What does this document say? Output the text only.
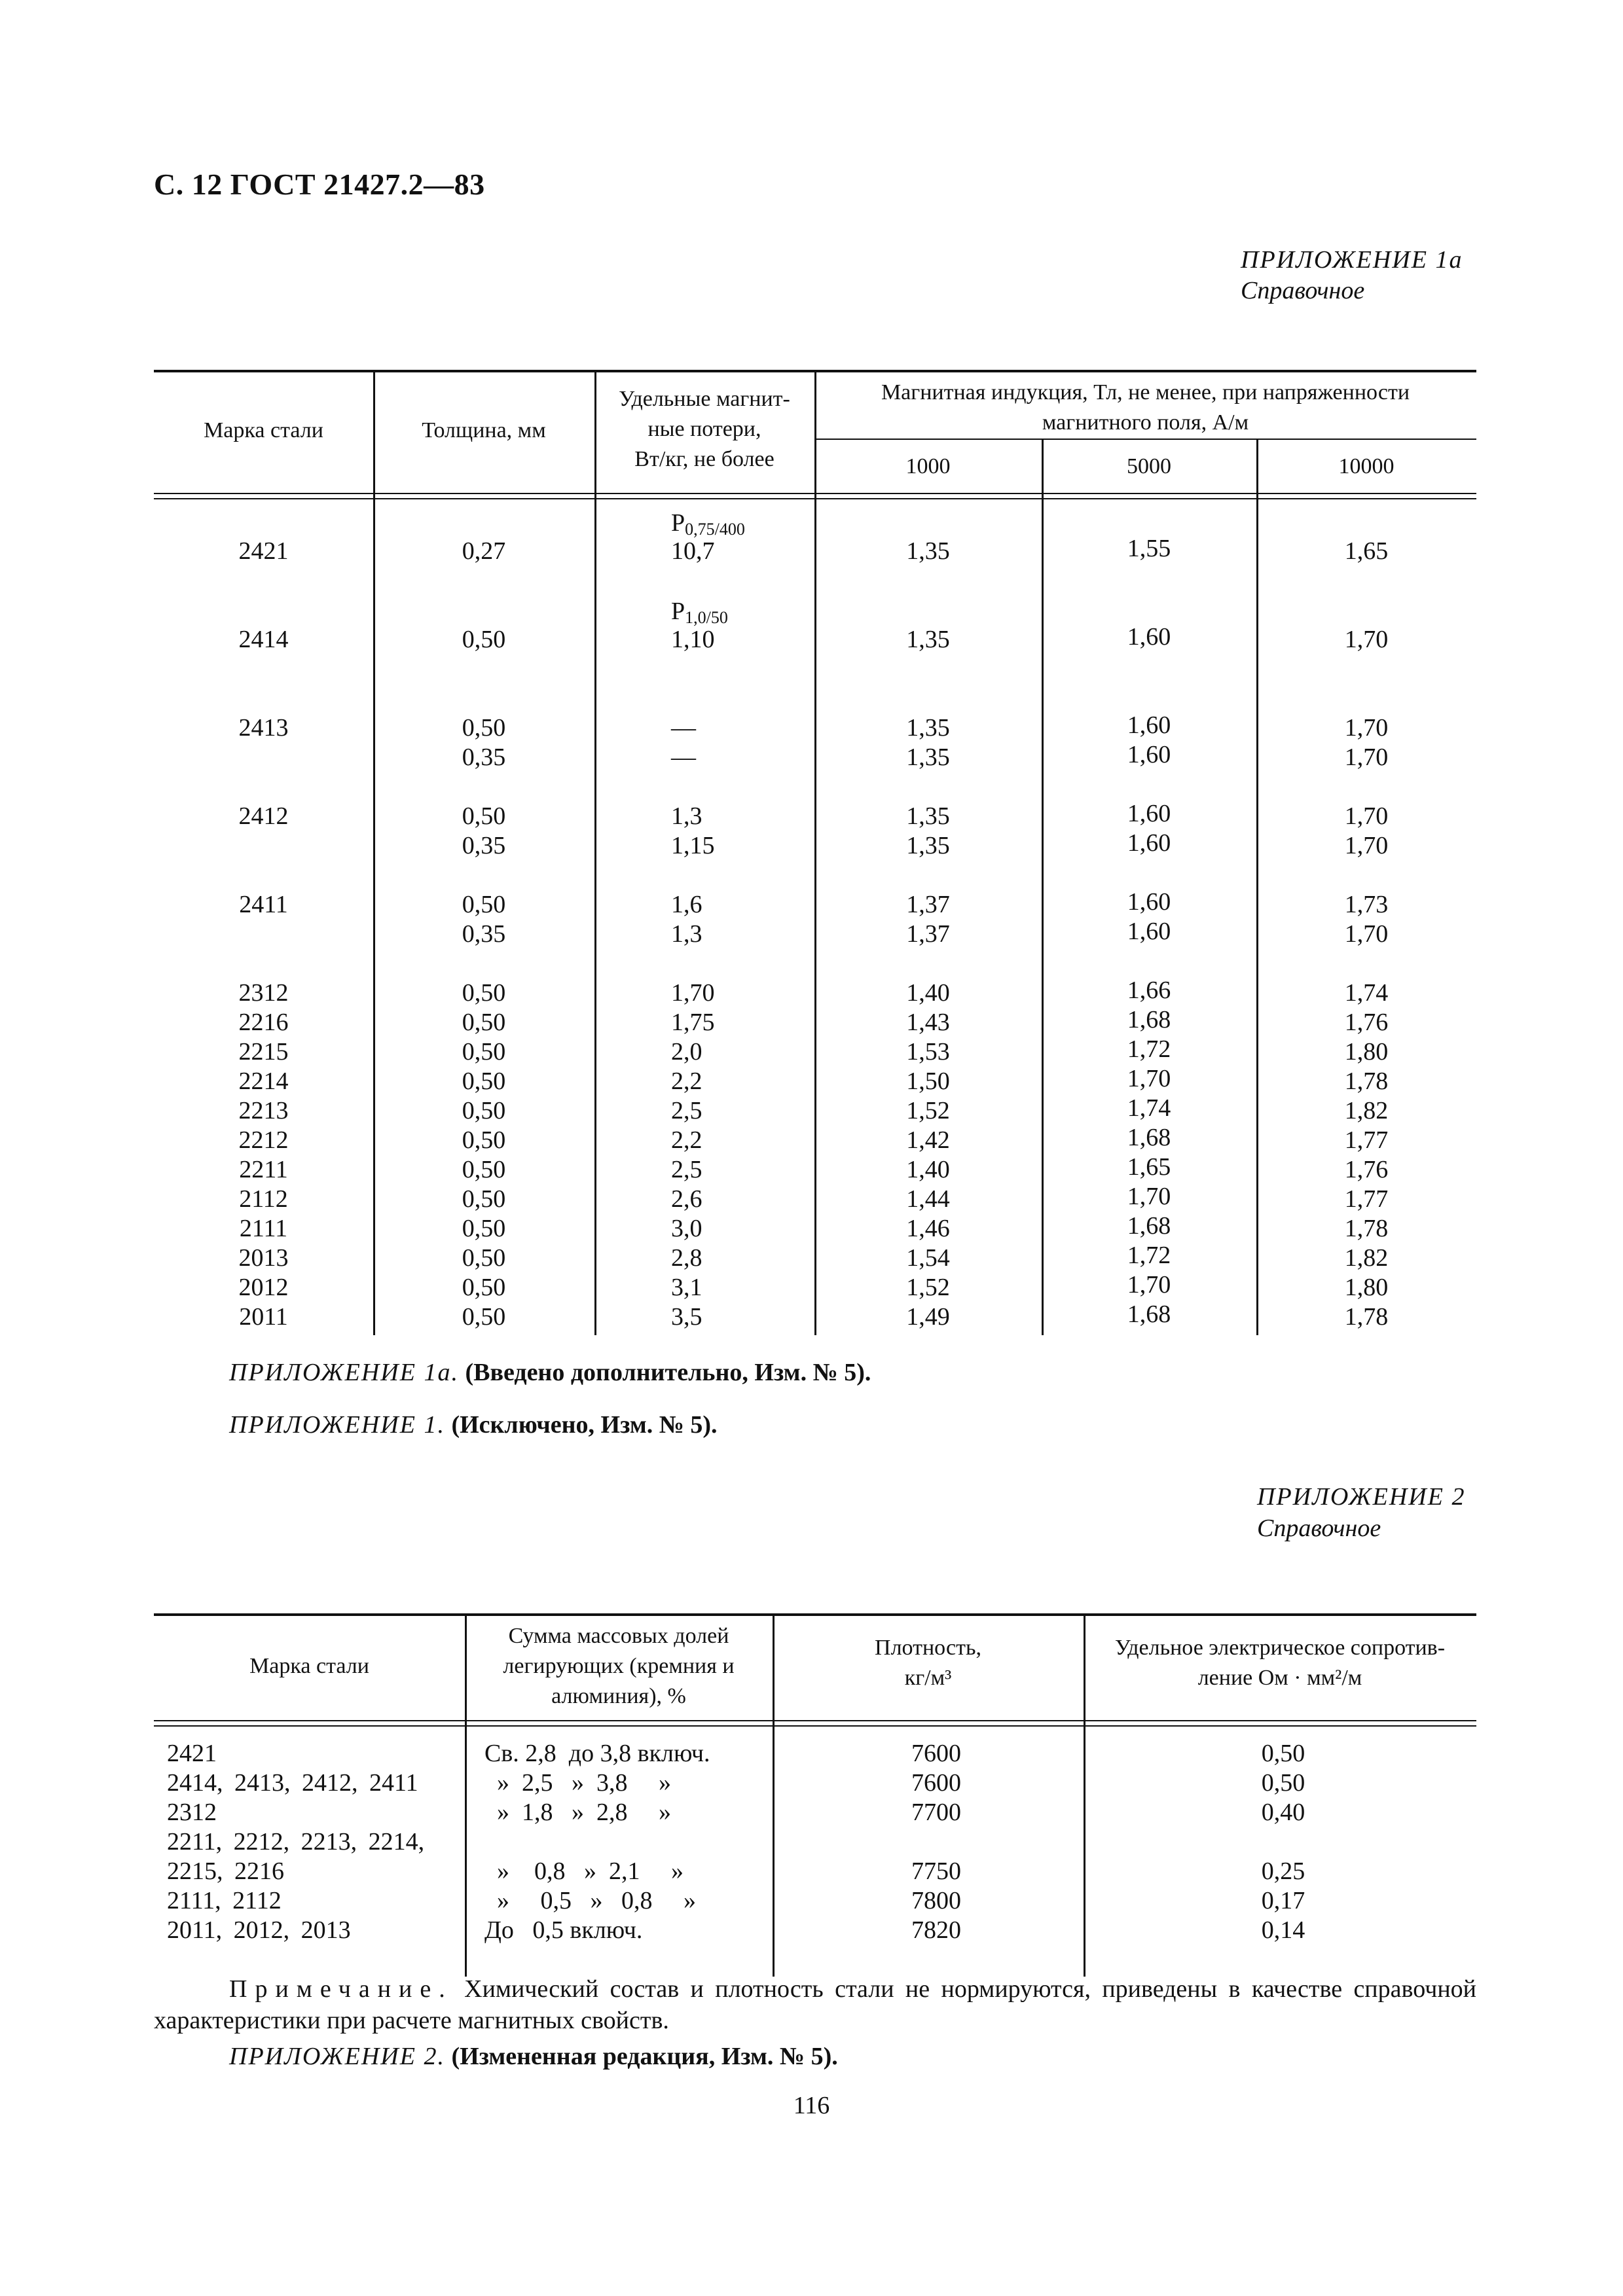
С. 12 ГОСТ 21427.2—83
ПРИЛОЖЕНИЕ 1а
Справочное
Марка стали	Толщина, мм
Удельные магнит-
ные потери,
Вт/кг, не более
Магнитная индукция, Тл, не менее, при напряженности
магнитного поля, А/м
1000	5000	10000
$P_{0,75/400}$
$P_{1,0/50}$
2421	0,27	10,7	1,35	1,55	1,65
2414	0,50	1,10	1,35	1,60	1,70
2413	0,50	—	1,35	1,60	1,70
0,35	—	1,35	1,60	1,70
2412	0,50	1,3	1,35	1,60	1,70
0,35	1,15	1,35	1,60	1,70
2411	0,50	1,6	1,37	1,60	1,73
0,35	1,3	1,37	1,60	1,70
2312	0,50	1,70	1,40	1,66	1,74
2216	0,50	1,75	1,43	1,68	1,76
2215	0,50	2,0	1,53	1,72	1,80
2214	0,50	2,2	1,50	1,70	1,78
2213	0,50	2,5	1,52	1,74	1,82
2212	0,50	2,2	1,42	1,68	1,77
2211	0,50	2,5	1,40	1,65	1,76
2112	0,50	2,6	1,44	1,70	1,77
2111	0,50	3,0	1,46	1,68	1,78
2013	0,50	2,8	1,54	1,72	1,82
2012	0,50	3,1	1,52	1,70	1,80
2011	0,50	3,5	1,49	1,68	1,78
ПРИЛОЖЕНИЕ 1а. (Введено дополнительно, Изм. № 5).
ПРИЛОЖЕНИЕ 1. (Исключено, Изм. № 5).
ПРИЛОЖЕНИЕ 2
Справочное
Марка стали
Сумма массовых долей
легирующих (кремния и
алюминия), %
Плотность,
кг/м³
Удельное электрическое сопротив-
ление Ом · мм²/м
2421	Св. 2,8  до 3,8 включ.	7600	0,50
2414, 2413, 2412, 2411	»  2,5   »  3,8     »	7600	0,50
2312	»  1,8   »  2,8     »	7700	0,40
2211, 2212, 2213, 2214,
2215, 2216	»    0,8   »  2,1     »	7750	0,25
2111, 2112	»     0,5   »   0,8     »	7800	0,17
2011, 2012, 2013	До   0,5 включ.	7820	0,14
Примечание. Химический состав и плотность стали не нормируются, приведены в качестве справочной характеристики при расчете магнитных свойств.
ПРИЛОЖЕНИЕ 2. (Измененная редакция, Изм. № 5).
116
